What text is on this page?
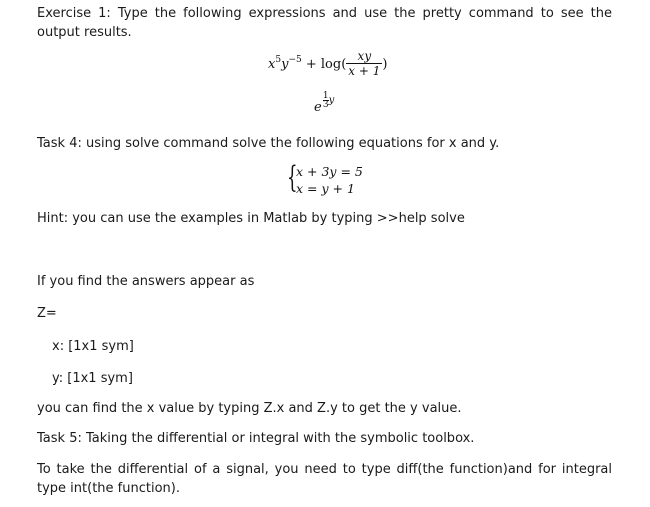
Exercise 1: Type the following expressions and use the pretty command to see the
output results.
$x^5y^{-5} + \log( \frac{xy}{x + 1}$ )
e $\frac{1}{3}$ y
Task 4: using solve command solve the following equations for x and y.
{
x + 3y = 5
x = y + 1
Hint: you can use the examples in Matlab by typing >>help solve
If you find the answers appear as
Z=
x: [1x1 sym]
y: [1x1 sym]
you can find the x value by typing Z.x and Z.y to get the y value.
Task 5: Taking the differential or integral with the symbolic toolbox.
To take the differential of a signal, you need to type diff(the function)and for integral
type int(the function).
